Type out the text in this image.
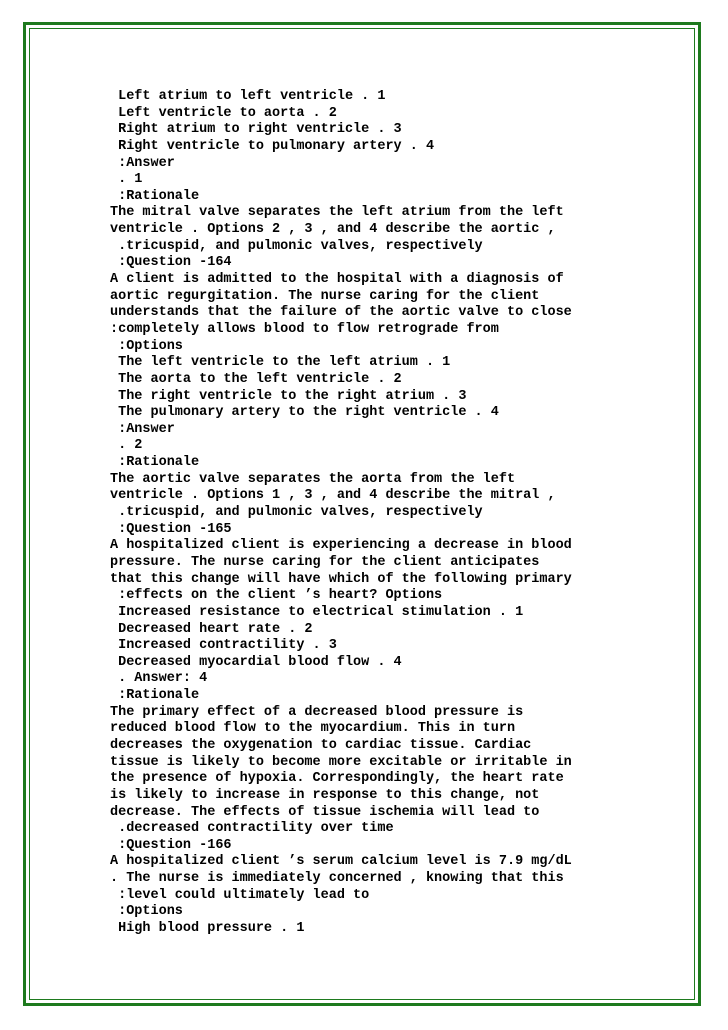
Left atrium to left ventricle . 1
Left ventricle to aorta . 2
Right atrium to right ventricle . 3
Right ventricle to pulmonary artery . 4
:Answer
. 1
:Rationale
The mitral valve separates the left atrium from the left
ventricle . Options 2 , 3 , and 4 describe the aortic ,
.tricuspid, and pulmonic valves, respectively
:Question -164
A client is admitted to the hospital with a diagnosis of
aortic regurgitation. The nurse caring for the client
understands that the failure of the aortic valve to close
:completely allows blood to flow retrograde from
:Options
The left ventricle to the left atrium . 1
The aorta to the left ventricle . 2
The right ventricle to the right atrium . 3
The pulmonary artery to the right ventricle . 4
:Answer
. 2
:Rationale
The aortic valve separates the aorta from the left
ventricle . Options 1 , 3 , and 4 describe the mitral ,
.tricuspid, and pulmonic valves, respectively
:Question -165
A hospitalized client is experiencing a decrease in blood
pressure. The nurse caring for the client anticipates
that this change will have which of the following primary
:effects on the client ’s heart? Options
Increased resistance to electrical stimulation . 1
Decreased heart rate . 2
Increased contractility . 3
Decreased myocardial blood flow . 4
. Answer: 4
:Rationale
The primary effect of a decreased blood pressure is
reduced blood flow to the myocardium. This in turn
decreases the oxygenation to cardiac tissue. Cardiac
tissue is likely to become more excitable or irritable in
the presence of hypoxia. Correspondingly, the heart rate
is likely to increase in response to this change, not
decrease. The effects of tissue ischemia will lead to
.decreased contractility over time
:Question -166
A hospitalized client ’s serum calcium level is 7.9 mg/dL
. The nurse is immediately concerned , knowing that this
:level could ultimately lead to
:Options
High blood pressure . 1
